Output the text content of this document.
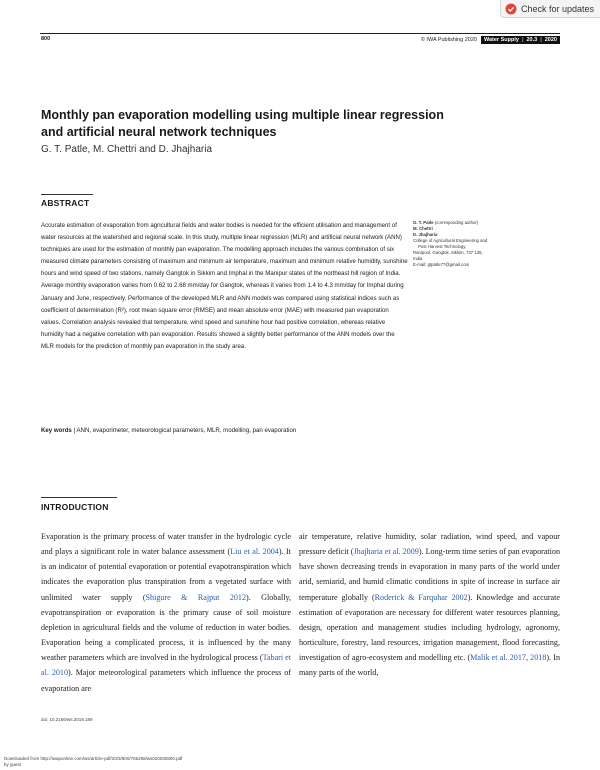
Check for updates
800	© IWA Publishing 2020 Water Supply | 20.3 | 2020
Monthly pan evaporation modelling using multiple linear regression and artificial neural network techniques
G. T. Patle, M. Chettri and D. Jhajharia
ABSTRACT

Accurate estimation of evaporation from agricultural fields and water bodies is needed for the efficient utilisation and management of water resources at the watershed and regional scale. In this study, multiple linear regression (MLR) and artificial neural network (ANN) techniques are used for the estimation of monthly pan evaporation. The modelling approach includes the various combination of six measured climate parameters consisting of maximum and minimum air temperature, maximum and minimum relative humidity, sunshine hours and wind speed of two stations, namely Gangtok in Sikkim and Imphal in the Manipur states of the northeast hill region of India. Average monthly evaporation varies from 0.62 to 2.68 mm/day for Gangtok, whereas it varies from 1.4 to 4.3 mm/day for Imphal during January and June, respectively. Performance of the developed MLR and ANN models was compared using statistical indices such as coefficient of determination (R²), root mean square error (RMSE) and mean absolute error (MAE) with measured pan evaporation values. Correlation analysis revealed that temperature, wind speed and sunshine hour had positive correlation, whereas relative humidity had a negative correlation with pan evaporation. Results showed a slightly better performance of the ANN models over the MLR models for the prediction of monthly pan evaporation in the study area.

Key words | ANN, evaporimeter, meteorological parameters, MLR, modelling, pan evaporation
G. T. Patle (corresponding author)
M. Chettri
D. Jhajharia
College of Agricultural Engineering and
Post Harvest Technology,
Ranipool, Gangtok, Sikkim, 737 135,
India
E-mail: gtpatle77@gmail.com
INTRODUCTION

Evaporation is the primary process of water transfer in the hydrologic cycle and plays a significant role in water balance assessment (Liu et al. 2004). It is an indicator of potential evaporation or potential evapotranspiration which indicates the evaporation plus transpiration from a vegetated surface with unlimited water supply (Shigure & Rajput 2012). Globally, evapotranspiration or evaporation is the primary cause of soil moisture depletion in agricultural fields and the volume of reduction in water bodies. Evaporation being a complicated process, it is influenced by the many weather parameters which are involved in the hydrological process (Tabari et al. 2010). Major meteorological parameters which influence the process of evaporation are

air temperature, relative humidity, solar radiation, wind speed, and vapour pressure deficit (Jhajharia et al. 2009). Long-term time series of pan evaporation have shown decreasing trends in evaporation in many parts of the world under arid, semiarid, and humid climatic conditions in spite of increase in surface air temperature globally (Roderick & Farquhar 2002). Knowledge and accurate estimation of evaporation are necessary for different water resources planning, design, operation and management studies including hydrology, agronomy, horticulture, forestry, land resources, irrigation management, flood forecasting, investigation of agro-ecosystem and modelling etc. (Malik et al. 2017, 2018). In many parts of the world,

doi: 10.2166/ws.2019.189
Downloaded from http://iwaponline.com/ws/article-pdf/20/3/800/785288/ws020030800.pdf
by guest
